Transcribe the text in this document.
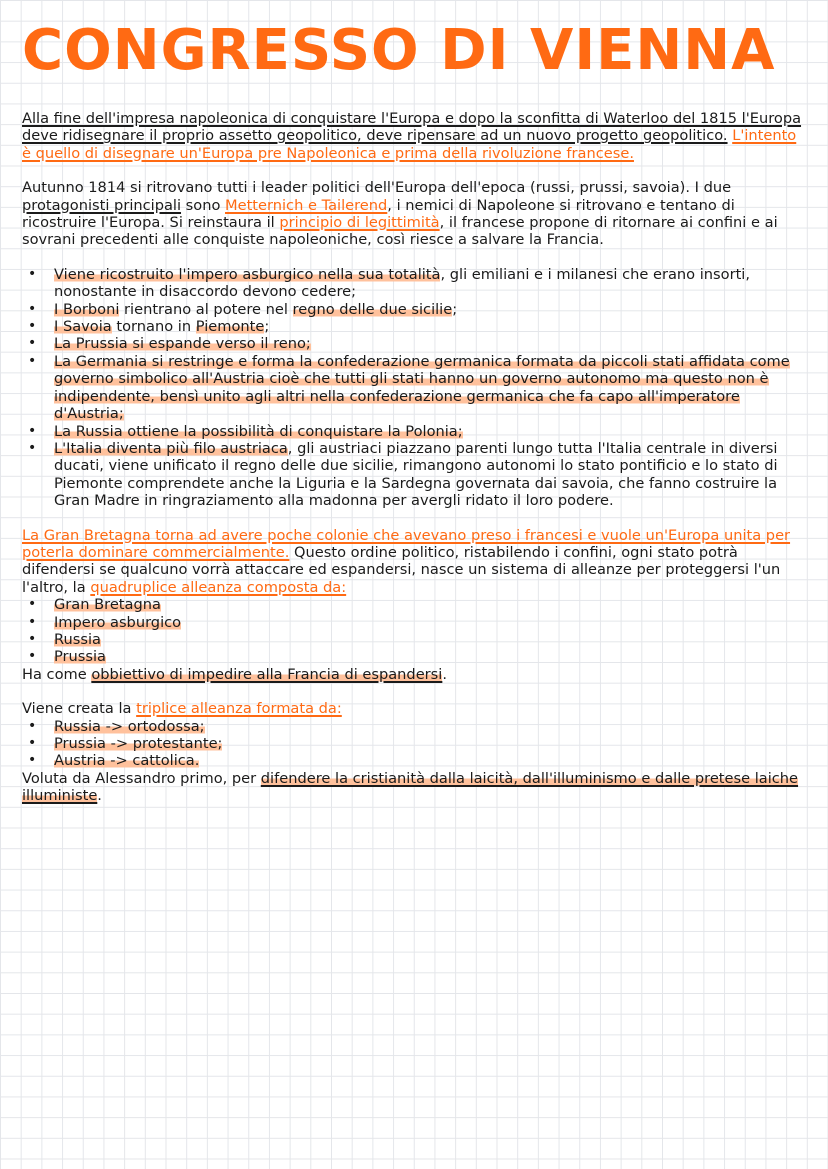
CONGRESSO DI VIENNA

Alla fine dell'impresa napoleonica di conquistare l'Europa e dopo la sconfitta di Waterloo del 1815 l'Europa deve ridisegnare il proprio assetto geopolitico, deve ripensare ad un nuovo progetto geopolitico. L'intento è quello di disegnare un'Europa pre Napoleonica e prima della rivoluzione francese.

Autunno 1814 si ritrovano tutti i leader politici dell'Europa dell'epoca (russi, prussi, savoia). I due protagonisti principali sono Metternich e Tailerend, i nemici di Napoleone si ritrovano e tentano di ricostruire l'Europa. Si reinstaura il principio di legittimità, il francese propone di ritornare ai confini e ai sovrani precedenti alle conquiste napoleoniche, così riesce a salvare la Francia.

• Viene ricostruito l'impero asburgico nella sua totalità, gli emiliani e i milanesi che erano insorti, nonostante in disaccordo devono cedere;
• I Borboni rientrano al potere nel regno delle due sicilie;
• I Savoia tornano in Piemonte;
• La Prussia si espande verso il reno;
• La Germania si restringe e forma la confederazione germanica formata da piccoli stati affidata come governo simbolico all'Austria cioè che tutti gli stati hanno un governo autonomo ma questo non è indipendente, bensì unito agli altri nella confederazione germanica che fa capo all'imperatore d'Austria;
• La Russia ottiene la possibilità di conquistare la Polonia;
• L'Italia diventa più filo austriaca, gli austriaci piazzano parenti lungo tutta l'Italia centrale in diversi ducati, viene unificato il regno delle due sicilie, rimangono autonomi lo stato pontificio e lo stato di Piemonte comprendete anche la Liguria e la Sardegna governata dai savoia, che fanno costruire la Gran Madre in ringraziamento alla madonna per avergli ridato il loro podere.

La Gran Bretagna torna ad avere poche colonie che avevano preso i francesi e vuole un'Europa unita per poterla dominare commercialmente. Questo ordine politico, ristabilendo i confini, ogni stato potrà difendersi se qualcuno vorrà attaccare ed espandersi, nasce un sistema di alleanze per proteggersi l'un l'altro, la quadruplice alleanza composta da:

• Gran Bretagna
• Impero asburgico
• Russia
• Prussia

Ha come obbiettivo di impedire alla Francia di espandersi.

Viene creata la triplice alleanza formata da:

• Russia -> ortodossa;
• Prussia -> protestante;
• Austria -> cattolica.

Voluta da Alessandro primo, per difendere la cristianità dalla laicità, dall'illuminismo e dalle pretese laiche illuministe.
